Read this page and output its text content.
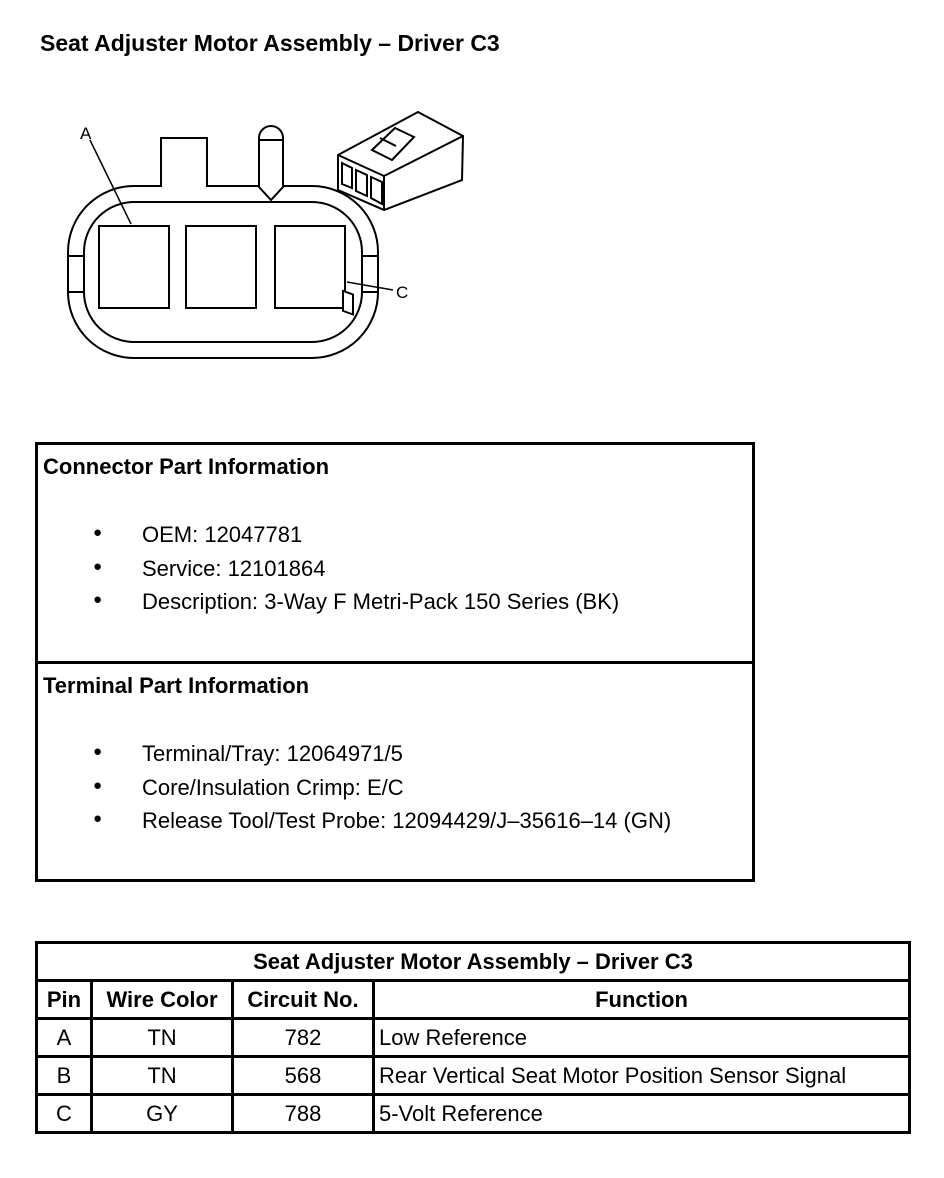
Seat Adjuster Motor Assembly – Driver C3
A
C
Connector Part Information
● OEM: 12047781
● Service: 12101864
● Description: 3-Way F Metri-Pack 150 Series (BK)
Terminal Part Information
● Terminal/Tray: 12064971/5
● Core/Insulation Crimp: E/C
● Release Tool/Test Probe: 12094429/J–35616–14 (GN)
Seat Adjuster Motor Assembly – Driver C3			
Pin	Wire Color	Circuit No.	Function
A	TN	782	Low Reference
B	TN	568	Rear Vertical Seat Motor Position Sensor Signal
C	GY	788	5-Volt Reference
